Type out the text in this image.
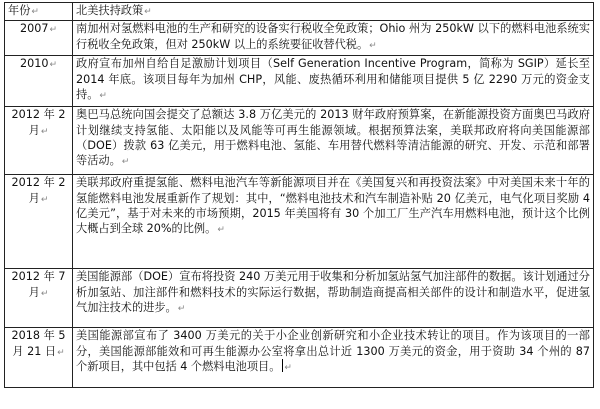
年份↵	北美扶持政策↵
2007↵	南加州对氢燃料电池的生产和研究的设备实行税收全免政策；Ohio 州为 250kW 以下的燃料电池系统实行税收全免政策，但对 250kW 以上的系统要征收替代税。↵
2010↵	政府宣布加州自给自足激励计划项目（Self Generation Incentive Program，简称为 SGIP）延长至 2014 年底。该项目每年为加州 CHP，风能、废热循环利用和储能项目提供 5 亿 2290 万元的资金支持。↵
2012 年 2 月↵	奥巴马总统向国会提交了总额达 3.8 万亿美元的 2013 财年政府预算案，在新能源投资方面奥巴马政府计划继续支持氢能、太阳能以及风能等可再生能源领域。根据预算法案，美联邦政府将向美国能源部（DOE）拨款 63 亿美元，用于燃料电池、氢能、车用替代燃料等清洁能源的研究、开发、示范和部署等活动。↵
2012 年 2 月↵	美联邦政府重提氢能、燃料电池汽车等新能源项目并在《美国复兴和再投资法案》中对美国未来十年的氢能燃料电池发展重新作了规划：其中，“燃料电池技术和汽车制造补贴 20 亿美元，电气化项目奖励 4 亿美元”，基于对未来的市场预期，2015 年美国将有 30 个加工厂生产汽车用燃料电池，预计这个比例大概占到全球 20%的比例。↵
2012 年 7 月↵	美国能源部（DOE）宣布将投资 240 万美元用于收集和分析加氢站氢气加注部件的数据。该计划通过分析加氢站、加注部件和燃料技术的实际运行数据，帮助制造商提高相关部件的设计和制造水平，促进氢气加注技术的进步。↵
2018 年 5 月 21 日↵	美国能源部宣布了 3400 万美元的关于小企业创新研究和小企业技术转让的项目。作为该项目的一部分，美国能源部能效和可再生能源办公室将拿出总计近 1300 万美元的资金，用于资助 34 个州的 87 个新项目，其中包括 4 个燃料电池项目。 ↵
